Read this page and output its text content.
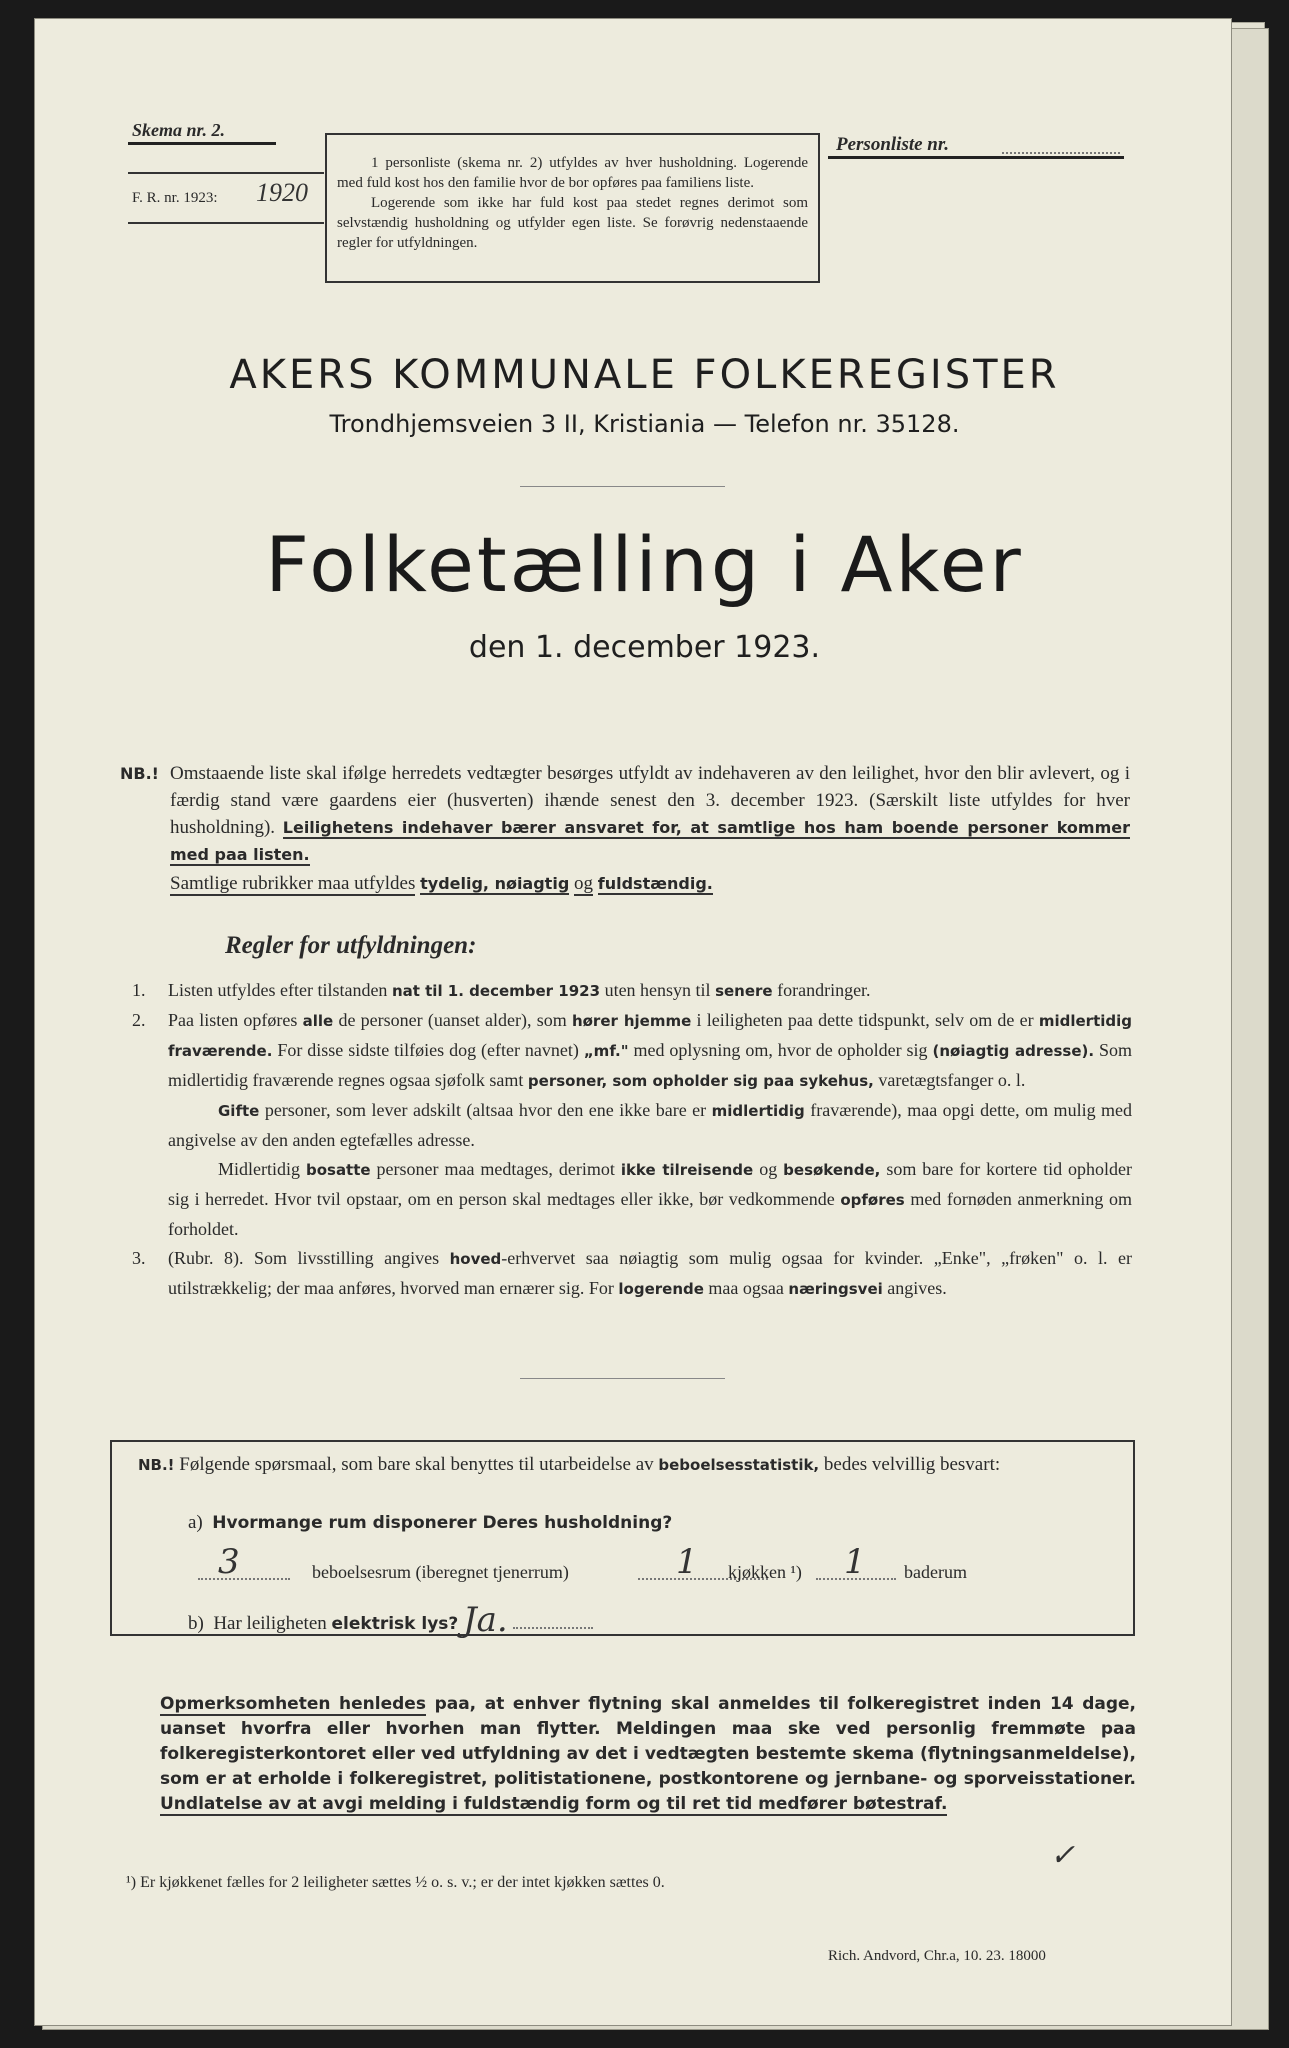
Skema nr. 2.
F. R. nr. 1923: 1920

1 personliste (skema nr. 2) utfyldes av hver husholdning. Logerende med fuld kost hos den familie hvor de bor opføres paa familiens liste.

Logerende som ikke har fuld kost paa stedet regnes derimot som selvstændig husholdning og utfylder egen liste. Se forøvrig nedenstaaende regler for utfyldningen.

Personliste nr.
AKERS KOMMUNALE FOLKEREGISTER
Trondhjemsveien 3 II, Kristiania — Telefon nr. 35128.
Folketælling i Aker
den 1. december 1923.
NB.! Omstaaende liste skal ifølge herredets vedtægter besørges utfyldt av indehaveren av den leilighet, hvor den blir avlevert, og i færdig stand være gaardens eier (husverten) ihænde senest den 3. december 1923. (Særskilt liste utfyldes for hver husholdning). Leilighetens indehaver bærer ansvaret for, at samtlige hos ham boende personer kommer med paa listen.
Samtlige rubrikker maa utfyldes tydelig, nøiagtig og fuldstændig.
Regler for utfyldningen:
1. Listen utfyldes efter tilstanden nat til 1. december 1923 uten hensyn til senere forandringer.
2. Paa listen opføres alle de personer (uanset alder), som hører hjemme i leiligheten paa dette tidspunkt, selv om de er midlertidig fraværende. For disse sidste tilføies dog (efter navnet) „mf." med oplysning om, hvor de opholder sig (nøiagtig adresse). Som midlertidig fraværende regnes ogsaa sjøfolk samt personer, som opholder sig paa sykehus, varetægtsfanger o. l.
Gifte personer, som lever adskilt (altsaa hvor den ene ikke bare er midlertidig fraværende), maa opgi dette, om mulig med angivelse av den anden egtefælles adresse.
Midlertidig bosatte personer maa medtages, derimot ikke tilreisende og besøkende, som bare for kortere tid opholder sig i herredet. Hvor tvil opstaar, om en person skal medtages eller ikke, bør vedkommende opføres med fornøden anmerkning om forholdet.
3. (Rubr. 8). Som livsstilling angives hoved-erhvervet saa nøiagtig som mulig ogsaa for kvinder. „Enke", „frøken" o. l. er utilstrækkelig; der maa anføres, hvorved man ernærer sig. For logerende maa ogsaa næringsvei angives.
NB.! Følgende spørsmaal, som bare skal benyttes til utarbeidelse av beboelsesstatistik, bedes velvillig besvart:
a) Hvormange rum disponerer Deres husholdning?
3	beboelsesrum (iberegnet tjenerrum)	1 kjøkken ¹) 1 baderum
b) Har leiligheten elektrisk lys? Ja.
Opmerksomheten henledes paa, at enhver flytning skal anmeldes til folkeregistret inden 14 dage, uanset hvorfra eller hvorhen man flytter. Meldingen maa ske ved personlig fremmøte paa folkeregisterkontoret eller ved utfyldning av det i vedtægten bestemte skema (flytningsanmeldelse), som er at erholde i folkeregistret, politistationene, postkontorene og jernbane- og sporveisstationer. Undlatelse av at avgi melding i fuldstændig form og til ret tid medfører bøtestraf.
✓
¹) Er kjøkkenet fælles for 2 leiligheter sættes ½ o. s. v.; er der intet kjøkken sættes 0.
Rich. Andvord, Chr.a, 10. 23. 18000
